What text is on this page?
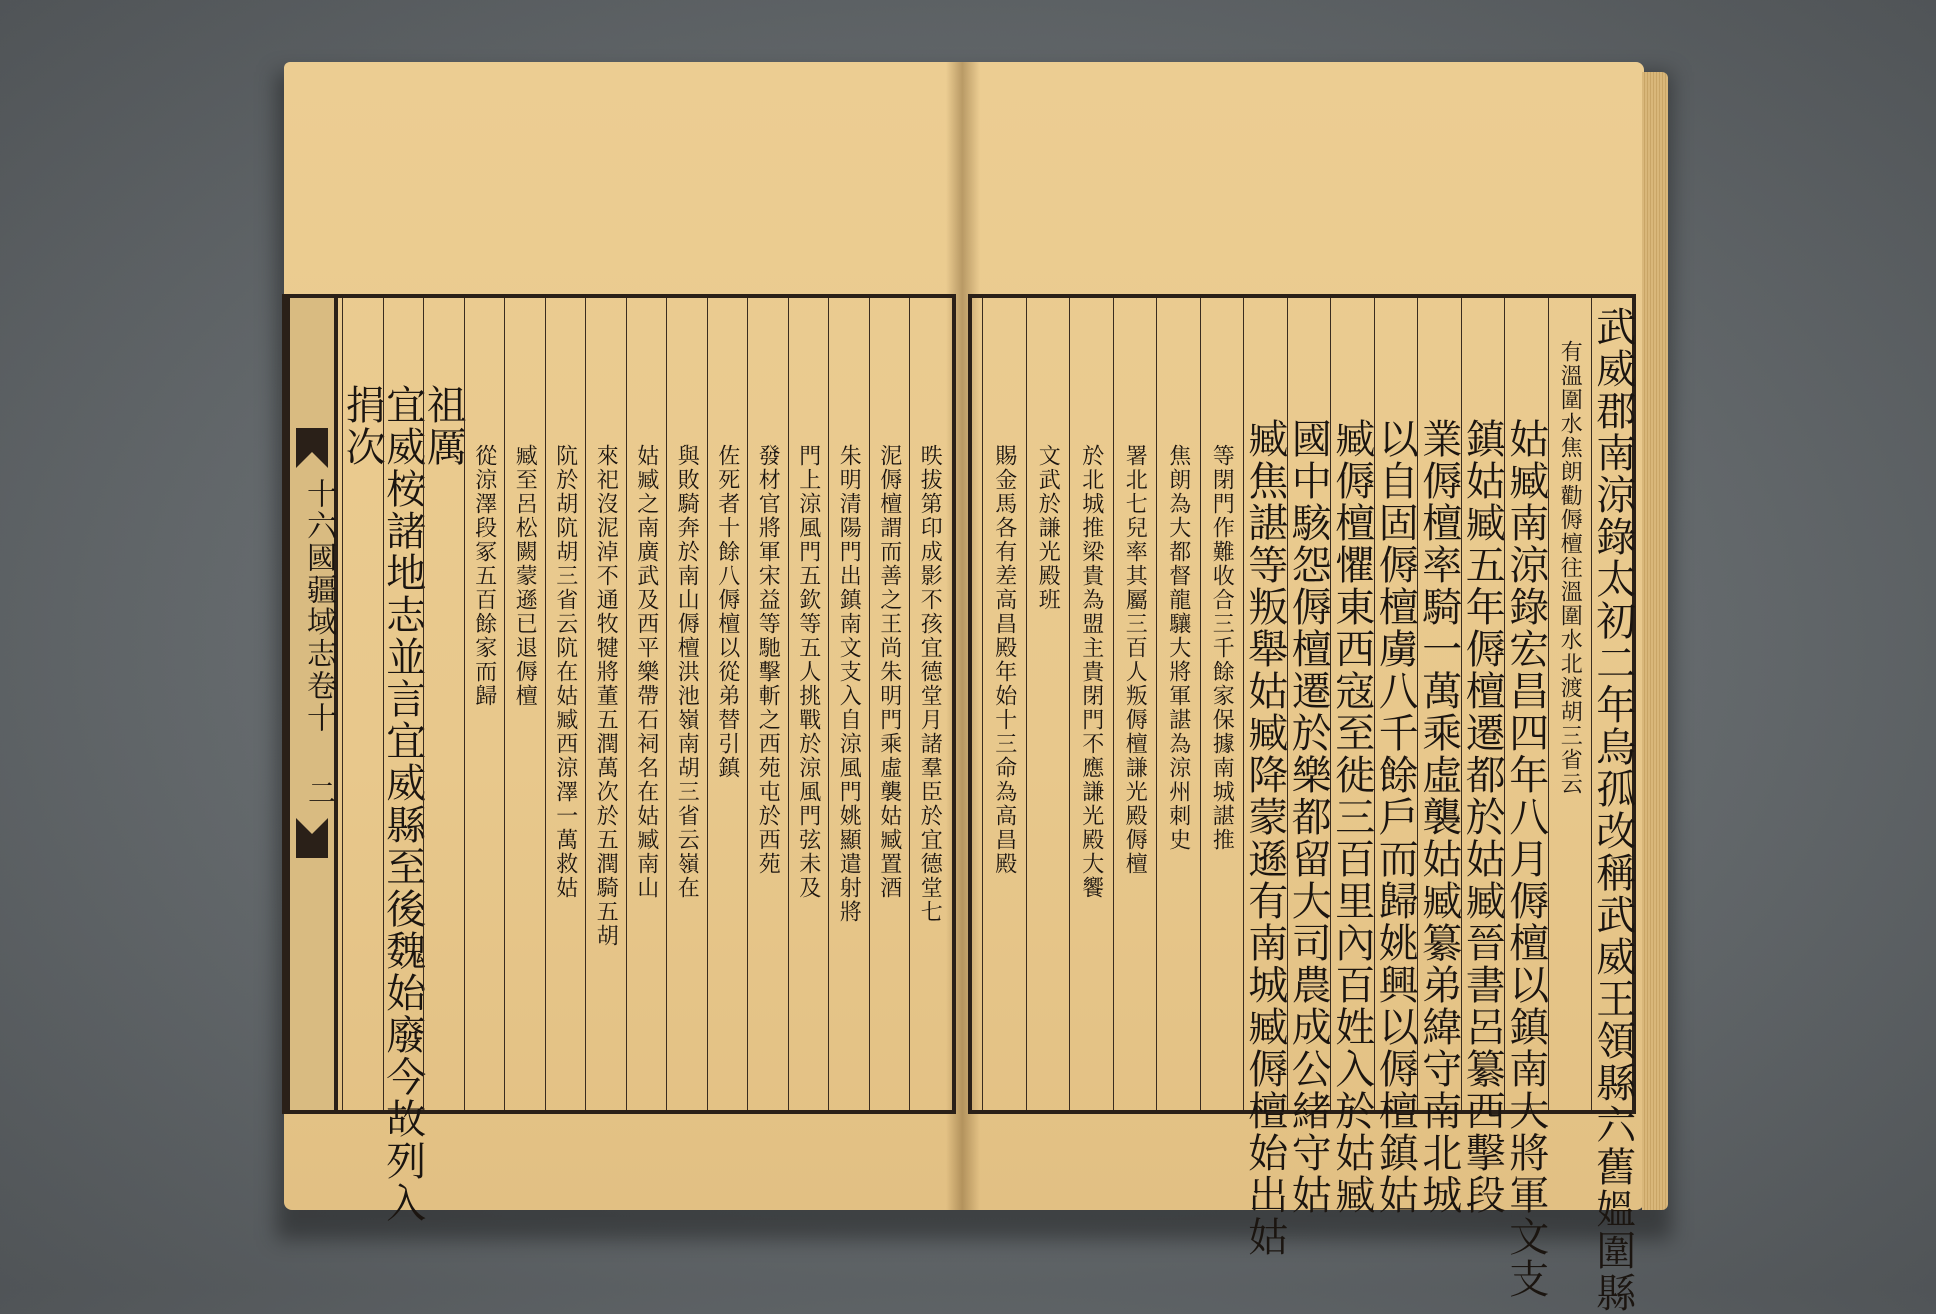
十六國疆域志卷十
二
捐次
宜威桉諸地志並言宜威縣至後魏始廢今故列入
祖厲
從涼澤段冢五百餘家而歸 臧至呂松闕蒙遜已退傉檀 阬於胡阬胡三省云阬在姑臧西涼澤一萬救姑 來祀沒泥淖不通牧犍將董五潤萬次於五潤騎五胡 姑臧之南廣武及西平樂帶石祠名在姑臧南山 與敗騎奔於南山傉檀洪池嶺南胡三省云嶺在 佐死者十餘八傉檀以從弟替引鎮 發材官將軍宋益等馳擊斬之西苑屯於西苑 門上涼風門五欽等五人挑戰於涼風門弦未及 朱明清陽門出鎮南文支入自涼風門姚顯遣射將 泥傉檀謂而善之王尚朱明門乘虛襲姑臧置酒 昳拔第印成影不孩宜德堂月諸羣臣於宜德堂七 賜金馬各有差高昌殿年始十三命為高昌殿 文武於謙光殿班 於北城推梁貴為盟主貴閉門不應謙光殿大饗 署北七兒率其屬三百人叛傉檀謙光殿傉檀 焦朗為大都督龍驤大將軍諶為涼州刺史 等閉門作難收合三千餘家保據南城諶推 臧焦諶等叛舉姑臧降蒙遜有南城臧傉檀始出姑
國中駭怨傉檀遷於樂都留大司農成公緒守姑
臧傉檀懼東西寇至徙三百里內百姓入於姑臧
以自固傉檀虜八千餘戶而歸姚興以傉檀鎮姑
業傉檀率騎一萬乘虛襲姑臧纂弟緯守南北城
鎮姑臧五年傉檀遷都於姑臧晉書呂纂西擊段
姑臧南涼錄宏昌四年八月傉檀以鎮南大將軍文支 有溫圍水焦朗勸傉檀往溫圍水北渡胡三省云 武威郡南涼錄太初二年烏孤改稱武威王領縣六舊媼圍縣
